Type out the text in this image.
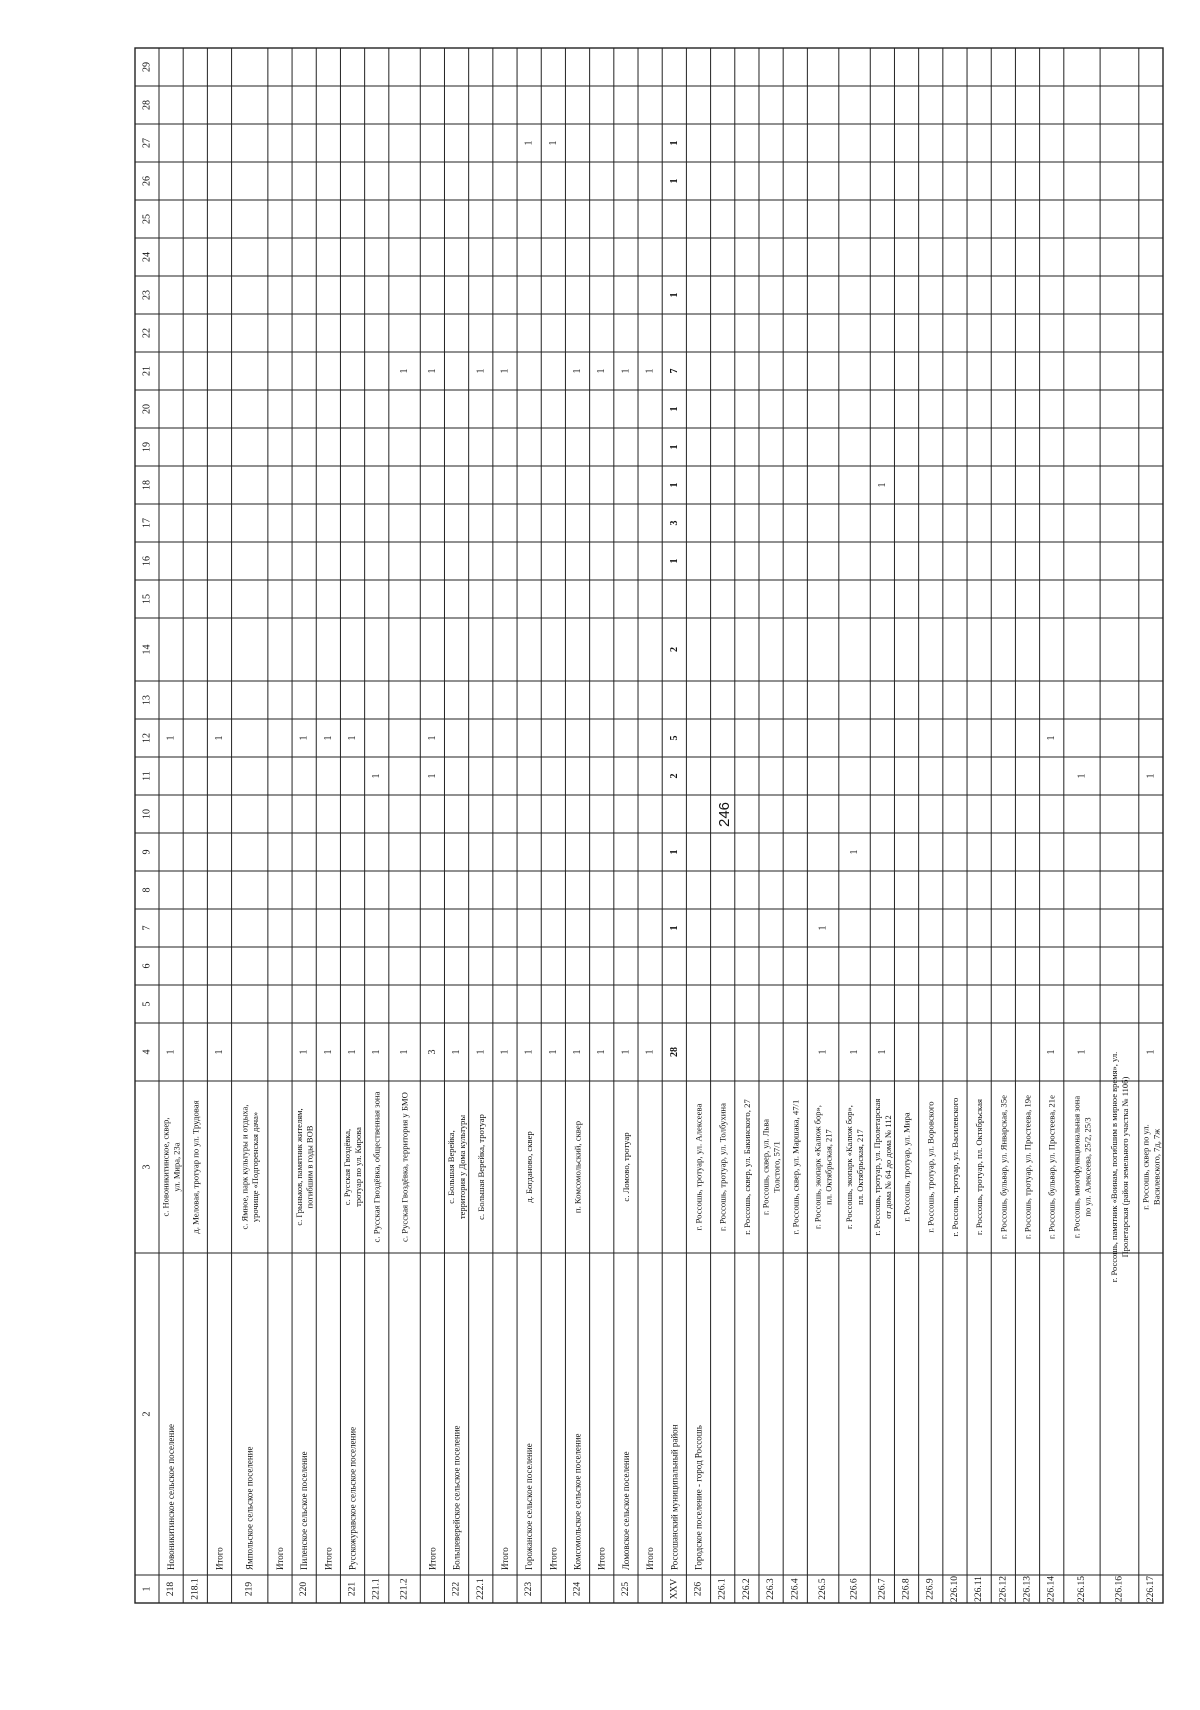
246
1
2
3
4
5
6
7
8
9
10
11
12
13
14
15
16
17
18
19
20
21
22
23
24
25
26
27
28
29
218
Новоникитинское сельское поселение
с. Новоникитинское, сквер, ул. Мира, 23а
1
1
218.1
д. Меловая, тротуар по ул. Трудовая
Итого
1
1
219
Ямпольское сельское поселение
с. Ямное, парк культуры и отдыха, урочище «Подгоренская дача»
Итого
220
Пиленское сельское поселение
с. Грыньков, памятник жителям, погибшим в годы ВОВ
1
1
Итого
1
1
221
Русскожуравское сельское поселение
с. Русская Гвоздёвка, тротуар по ул. Кирова
1
1
221.1
с. Русская Гвоздёвка, общественная зона
1
1
221.2
с. Русская Гвоздёвка, территория у БМО
1
1
Итого
3
1
1
1
222
Большеверейское сельское поселение
с. Большая Верейка, территория у Дома культуры
1
222.1
с. Большая Верейка, тротуар
1
1
Итого
1
1
223
Горожанское сельское поселение
д. Богданово, сквер
1
1
Итого
1
1
224
Комсомольское сельское поселение
п. Комсомольский, сквер
1
1
Итого
1
1
225
Ломовское сельское поселение
с. Ломово, тротуар
1
1
Итого
1
1
XXV
Россошанский муниципальный район
28
1
1
2
5
2
1
3
1
1
1
7
1
1
1
226
Городское поселение - город Россошь
г. Россошь, тротуар, ул. Алексеева
226.1
г. Россошь, тротуар, ул. Толбухина
226.2
г. Россошь, сквер, ул. Бакинского, 27
226.3
г. Россошь, сквер, ул. Льва Толстого, 57/1
226.4
г. Россошь, сквер, ул. Маршака, 47/1
226.5
г. Россошь, экопарк «Калюж бор», пл. Октябрьская, 217
1
1
226.6
г. Россошь, экопарк «Калюж бор», пл. Октябрьская, 217
1
1
226.7
г. Россошь, тротуар, ул. Пролетарская от дома № 64 до дома № 112
1
1
226.8
г. Россошь, тротуар, ул. Мира
226.9
г. Россошь, тротуар, ул. Воровского
226.10
г. Россошь, тротуар, ул. Василевского
226.11
г. Россошь, тротуар, пл. Октябрьская
226.12
г. Россошь, бульвар, ул. Январская, 35е
226.13
г. Россошь, тротуар, ул. Простеева, 19е
226.14
г. Россошь, бульвар, ул. Простеева, 21е
1
1
226.15
г. Россошь, многофункциональная зона по ул. Алексеева, 25/2, 25/3
1
1
226.16
г. Россошь, памятник «Воинам, погибшим в мирное время», ул. Пролетарская (район земельного участка № 110б)
226.17
г. Россошь, сквер по ул. Василевского, 7д, 7ж
1
1
